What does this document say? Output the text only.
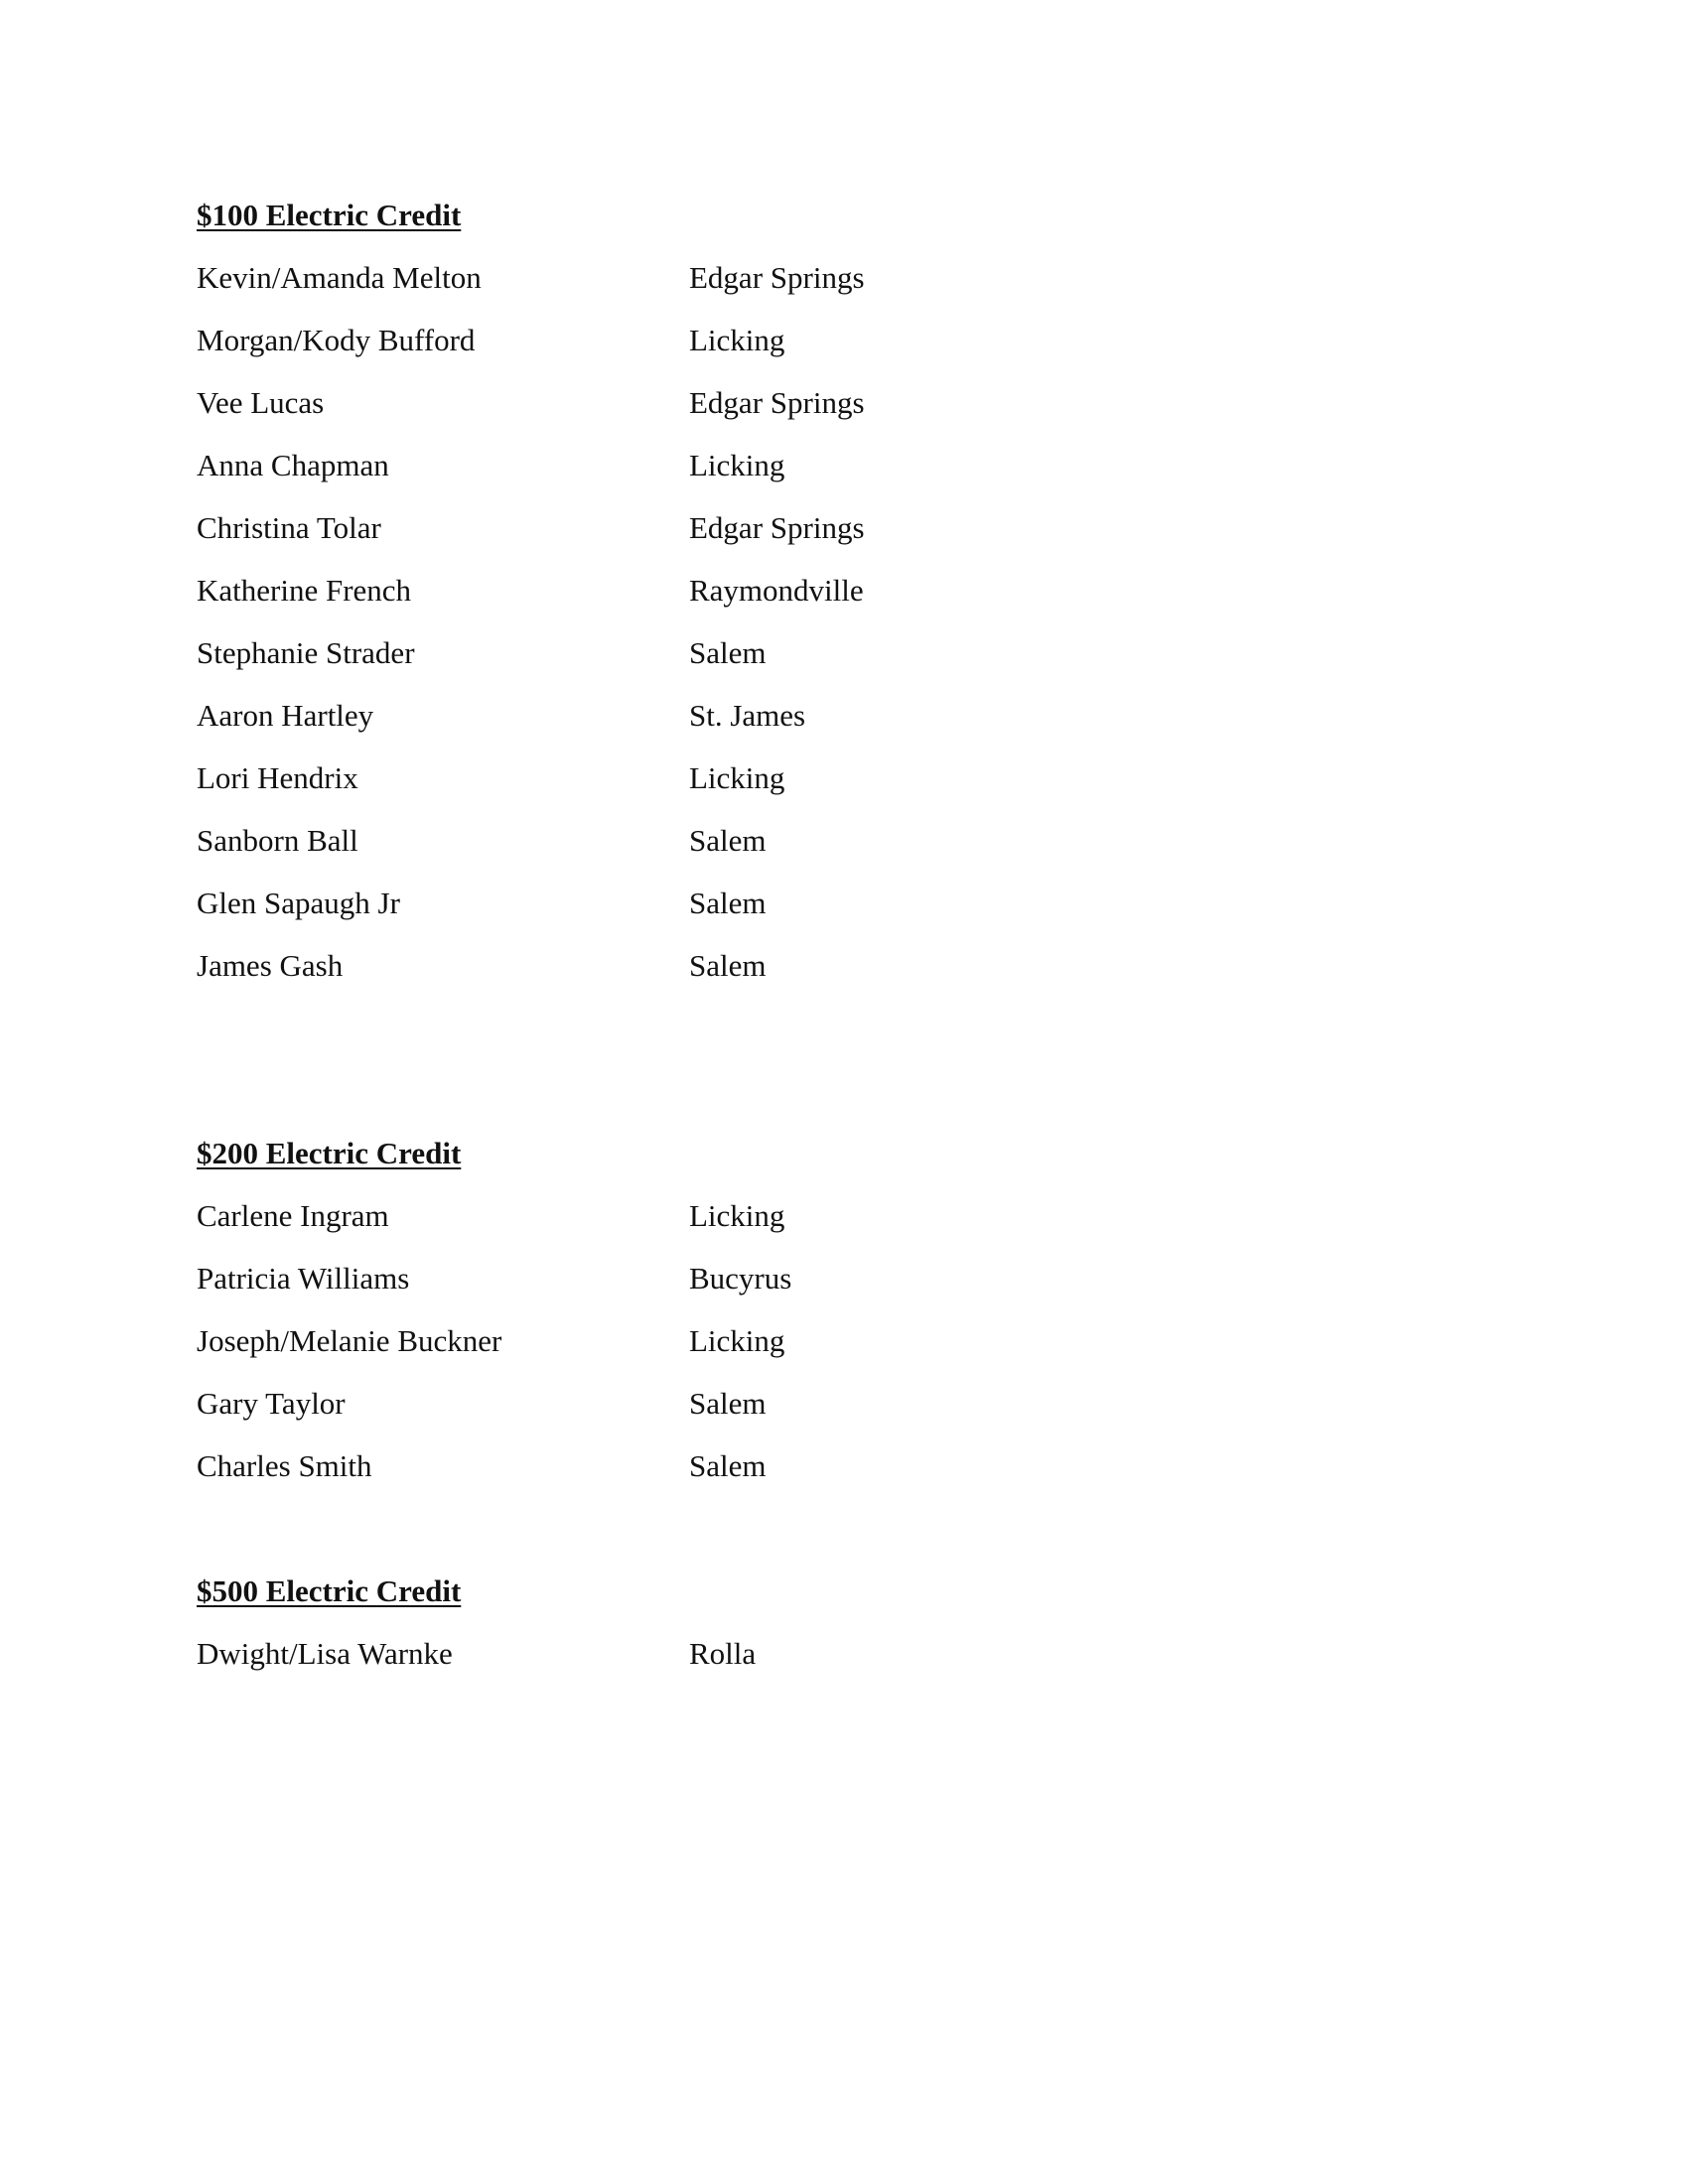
$100 Electric Credit
Kevin/Amanda Melton	Edgar Springs
Morgan/Kody Bufford	Licking
Vee Lucas	Edgar Springs
Anna Chapman	Licking
Christina Tolar	Edgar Springs
Katherine French	Raymondville
Stephanie Strader	Salem
Aaron Hartley	St. James
Lori Hendrix	Licking
Sanborn Ball	Salem
Glen Sapaugh Jr	Salem
James Gash	Salem
$200 Electric Credit
Carlene Ingram	Licking
Patricia Williams	Bucyrus
Joseph/Melanie Buckner	Licking
Gary Taylor	Salem
Charles Smith	Salem
$500 Electric Credit
Dwight/Lisa Warnke	Rolla
